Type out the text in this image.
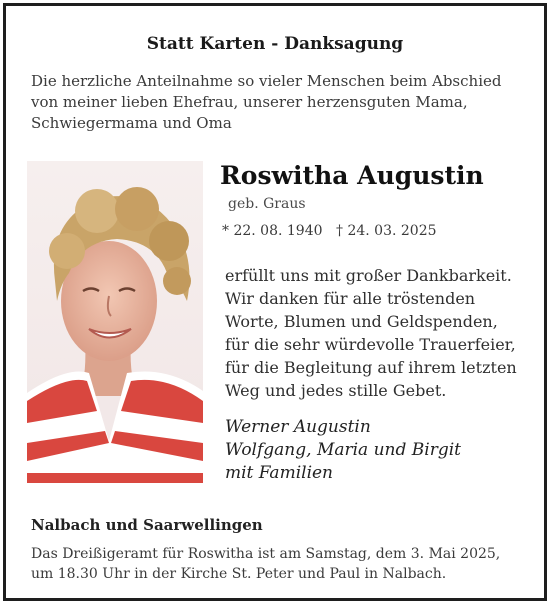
Statt Karten - Danksagung
Die herzliche Anteilnahme so vieler Menschen beim Abschied
von meiner lieben Ehefrau, unserer herzensguten Mama,
Schwiegermama und Oma
Roswitha Augustin
geb. Graus
* 22. 08. 1940 † 24. 03. 2025
erfüllt uns mit großer Dankbarkeit.
Wir danken für alle tröstenden
Worte, Blumen und Geldspenden,
für die sehr würdevolle Trauerfeier,
für die Begleitung auf ihrem letzten
Weg und jedes stille Gebet.
Werner Augustin
Wolfgang, Maria und Birgit
mit Familien
Nalbach und Saarwellingen
Das Dreißigeramt für Roswitha ist am Samstag, dem 3. Mai 2025,
um 18.30 Uhr in der Kirche St. Peter und Paul in Nalbach.
